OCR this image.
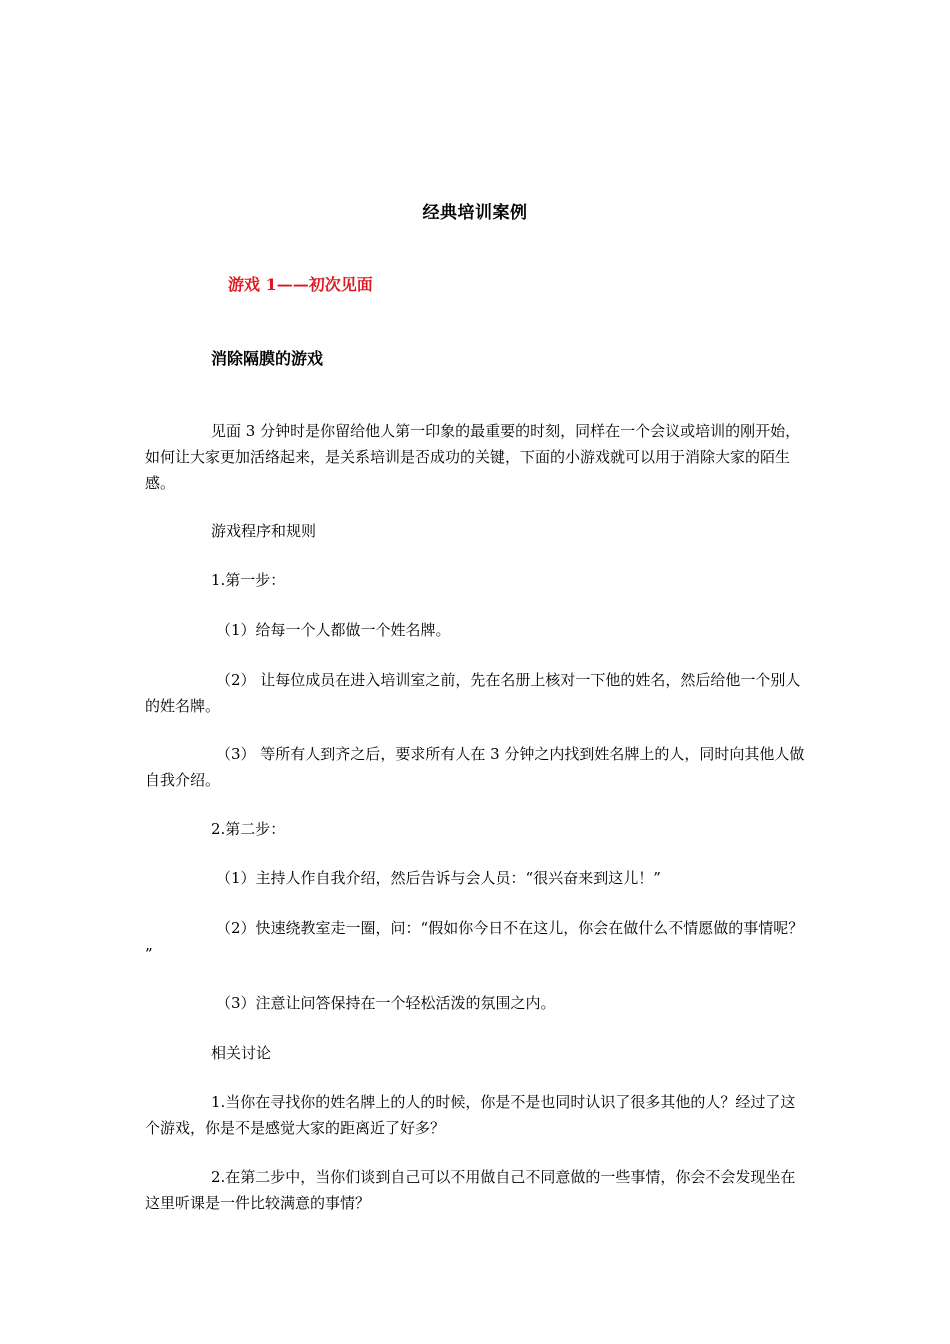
经典培训案例
游戏 1——初次见面
消除隔膜的游戏

见面 3 分钟时是你留给他人第一印象的最重要的时刻，同样在一个会议或培训的刚开始，如何让大家更加活络起来，是关系培训是否成功的关键，下面的小游戏就可以用于消除大家的陌生感。

游戏程序和规则

1.第一步：

（1）给每一个人都做一个姓名牌。

（2） 让每位成员在进入培训室之前，先在名册上核对一下他的姓名，然后给他一个别人的姓名牌。

（3） 等所有人到齐之后，要求所有人在 3 分钟之内找到姓名牌上的人，同时向其他人做自我介绍。

2.第二步：

（1）主持人作自我介绍，然后告诉与会人员：“很兴奋来到这儿！”

（2）快速绕教室走一圈，问：“假如你今日不在这儿，你会在做什么不情愿做的事情呢？ ”

（3）注意让问答保持在一个轻松活泼的氛围之内。

相关讨论

1.当你在寻找你的姓名牌上的人的时候，你是不是也同时认识了很多其他的人？经过了这个游戏，你是不是感觉大家的距离近了好多？

2.在第二步中，当你们谈到自己可以不用做自己不同意做的一些事情，你会不会发现坐在这里听课是一件比较满意的事情？
